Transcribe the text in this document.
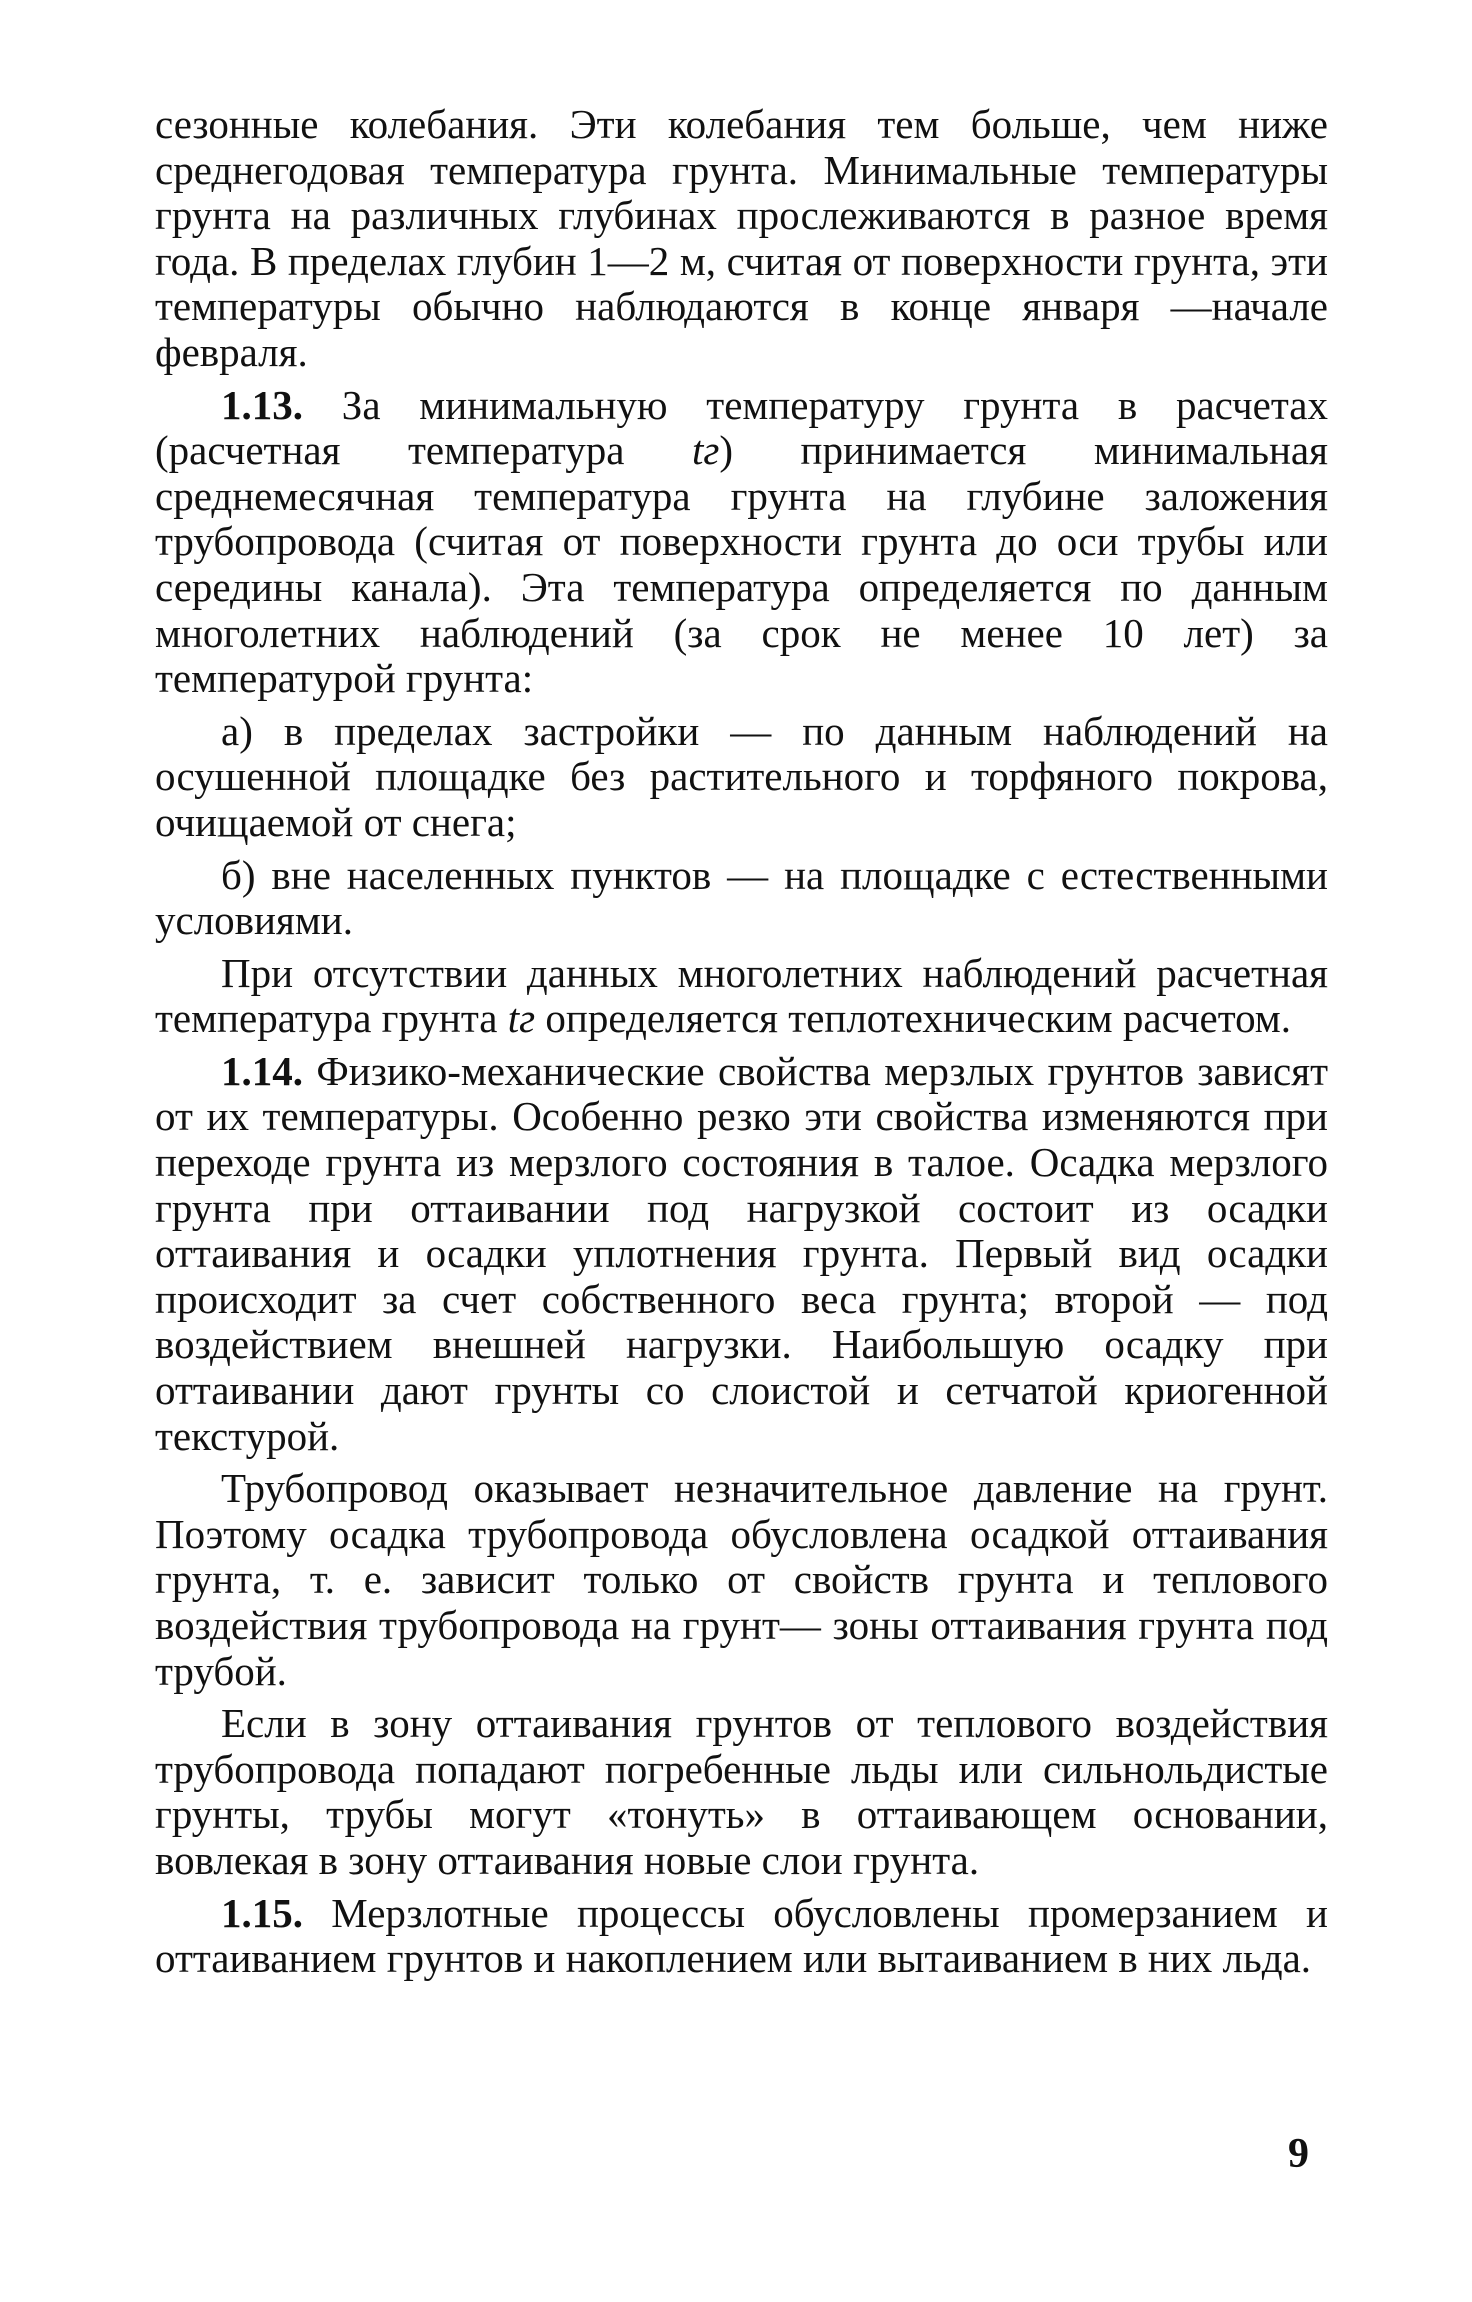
сезонные колебания. Эти колебания тем больше, чем ниже среднегодовая температура грунта. Минимальные температуры грунта на различных глубинах прослеживаются в разное время года. В пределах глубин 1—2 м, считая от поверхности грунта, эти температуры обычно наблюдаются в конце января —начале февраля.

1.13. За минимальную температуру грунта в расчетах (расчетная температура tг) принимается минимальная среднемесячная температура грунта на глубине заложения трубопровода (считая от поверхности грунта до оси трубы или середины канала). Эта температура определяется по данным многолетних наблюдений (за срок не менее 10 лет) за температурой грунта:

а) в пределах застройки — по данным наблюдений на осушенной площадке без растительного и торфяного покрова, очищаемой от снега;

б) вне населенных пунктов — на площадке с естественными условиями.

При отсутствии данных многолетних наблюдений расчетная температура грунта tг определяется теплотехническим расчетом.

1.14. Физико-механические свойства мерзлых грунтов зависят от их температуры. Особенно резко эти свойства изменяются при переходе грунта из мерзлого состояния в талое. Осадка мерзлого грунта при оттаивании под нагрузкой состоит из осадки оттаивания и осадки уплотнения грунта. Первый вид осадки происходит за счет собственного веса грунта; второй — под воздействием внешней нагрузки. Наибольшую осадку при оттаивании дают грунты со слоистой и сетчатой криогенной текстурой.

Трубопровод оказывает незначительное давление на грунт. Поэтому осадка трубопровода обусловлена осадкой оттаивания грунта, т. е. зависит только от свойств грунта и теплового воздействия трубопровода на грунт— зоны оттаивания грунта под трубой.

Если в зону оттаивания грунтов от теплового воздействия трубопровода попадают погребенные льды или сильнольдистые грунты, трубы могут «тонуть» в оттаивающем основании, вовлекая в зону оттаивания новые слои грунта.

1.15. Мерзлотные процессы обусловлены промерзанием и оттаиванием грунтов и накоплением или вытаиванием в них льда.

9
